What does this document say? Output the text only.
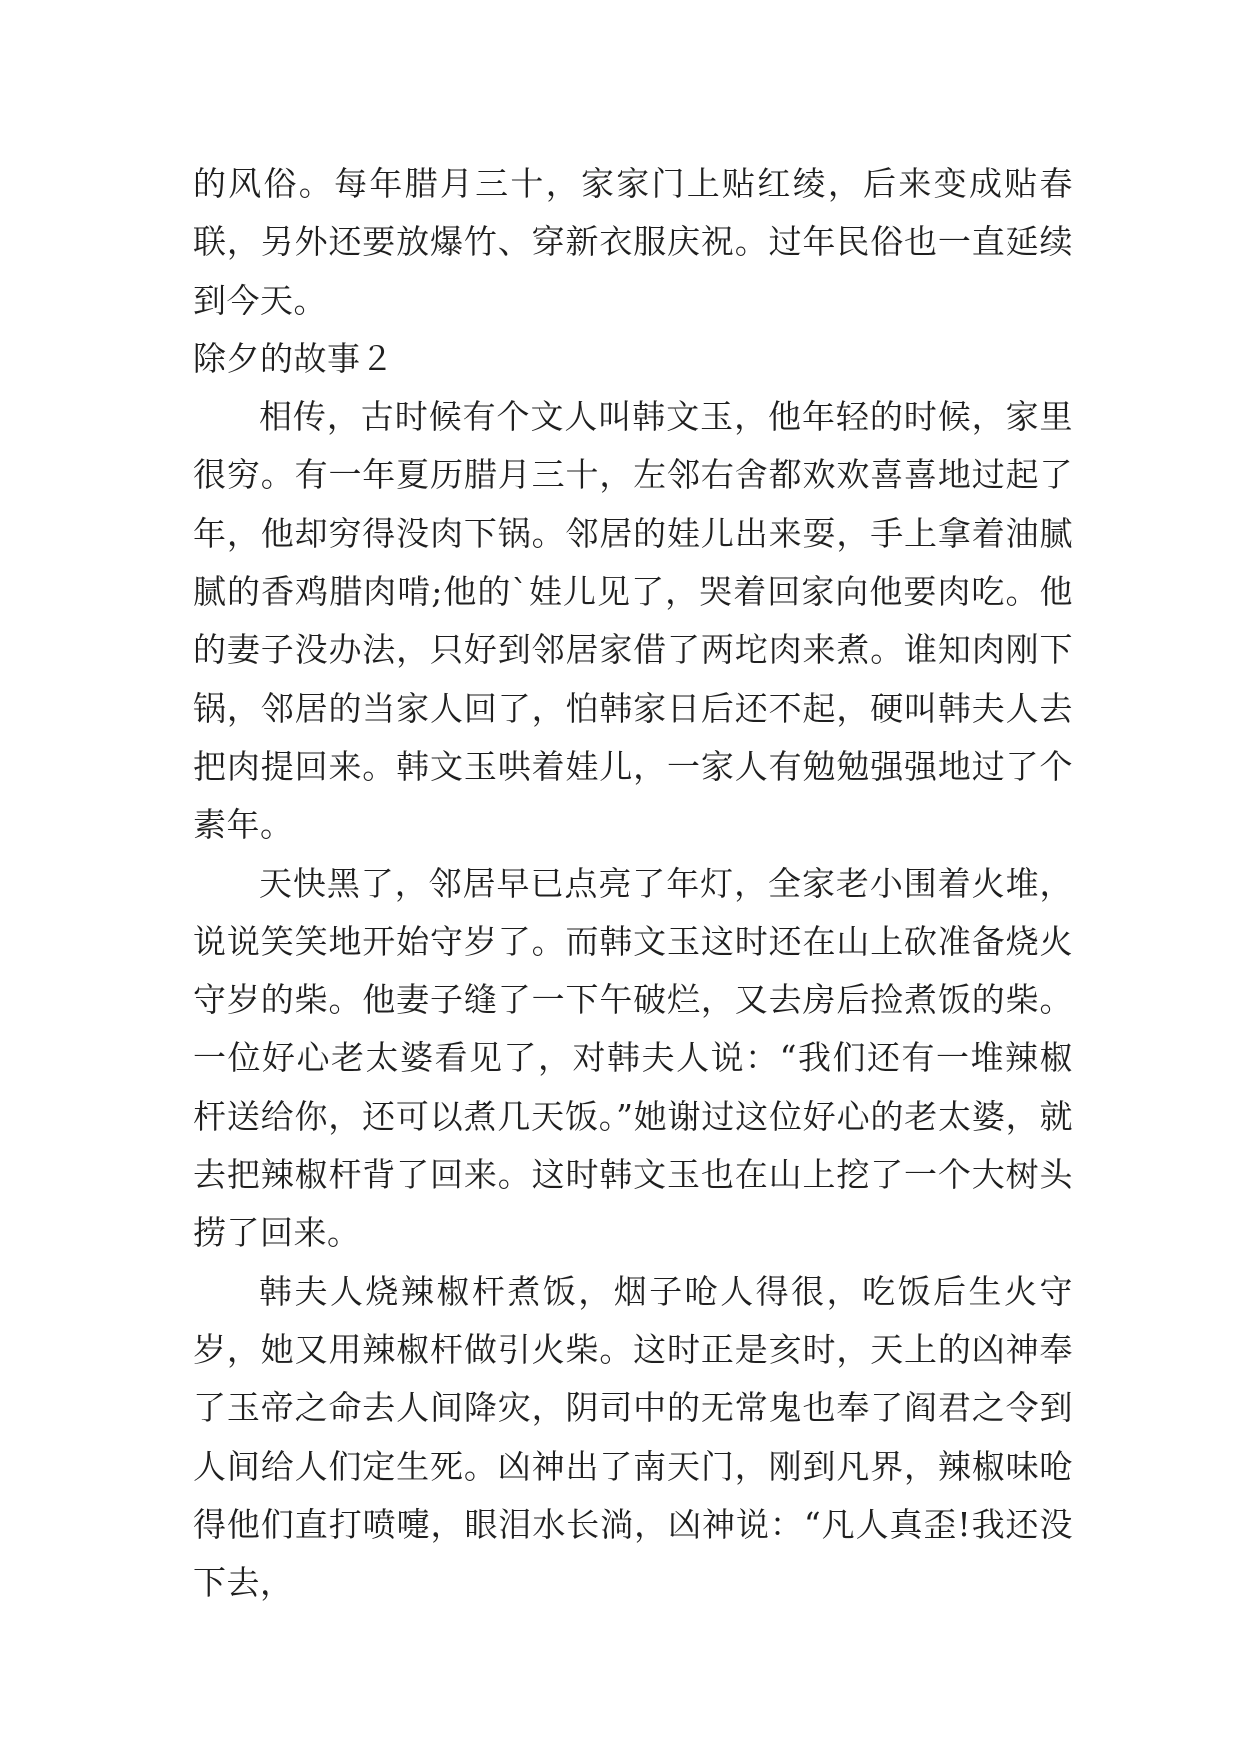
的风俗。每年腊月三十，家家门上贴红绫，后来变成贴春联，另外还要放爆竹、穿新衣服庆祝。过年民俗也一直延续到今天。

除夕的故事２

相传，古时候有个文人叫韩文玉，他年轻的时候，家里很穷。有一年夏历腊月三十，左邻右舍都欢欢喜喜地过起了年，他却穷得没肉下锅。邻居的娃儿出来耍，手上拿着油腻腻的香鸡腊肉啃;他的`娃儿见了，哭着回家向他要肉吃。他的妻子没办法，只好到邻居家借了两坨肉来煮。谁知肉刚下锅，邻居的当家人回了，怕韩家日后还不起，硬叫韩夫人去把肉提回来。韩文玉哄着娃儿，一家人有勉勉强强地过了个素年。

天快黑了，邻居早已点亮了年灯，全家老小围着火堆，说说笑笑地开始守岁了。而韩文玉这时还在山上砍准备烧火守岁的柴。他妻子缝了一下午破烂，又去房后捡煮饭的柴。一位好心老太婆看见了，对韩夫人说：“我们还有一堆辣椒杆送给你，还可以煮几天饭。”她谢过这位好心的老太婆，就去把辣椒杆背了回来。这时韩文玉也在山上挖了一个大树头捞了回来。

韩夫人烧辣椒杆煮饭，烟子呛人得很，吃饭后生火守岁，她又用辣椒杆做引火柴。这时正是亥时，天上的凶神奉了玉帝之命去人间降灾，阴司中的无常鬼也奉了阎君之令到人间给人们定生死。凶神出了南天门，刚到凡界，辣椒味呛得他们直打喷嚏，眼泪水长淌，凶神说：“凡人真歪!我还没下去，
